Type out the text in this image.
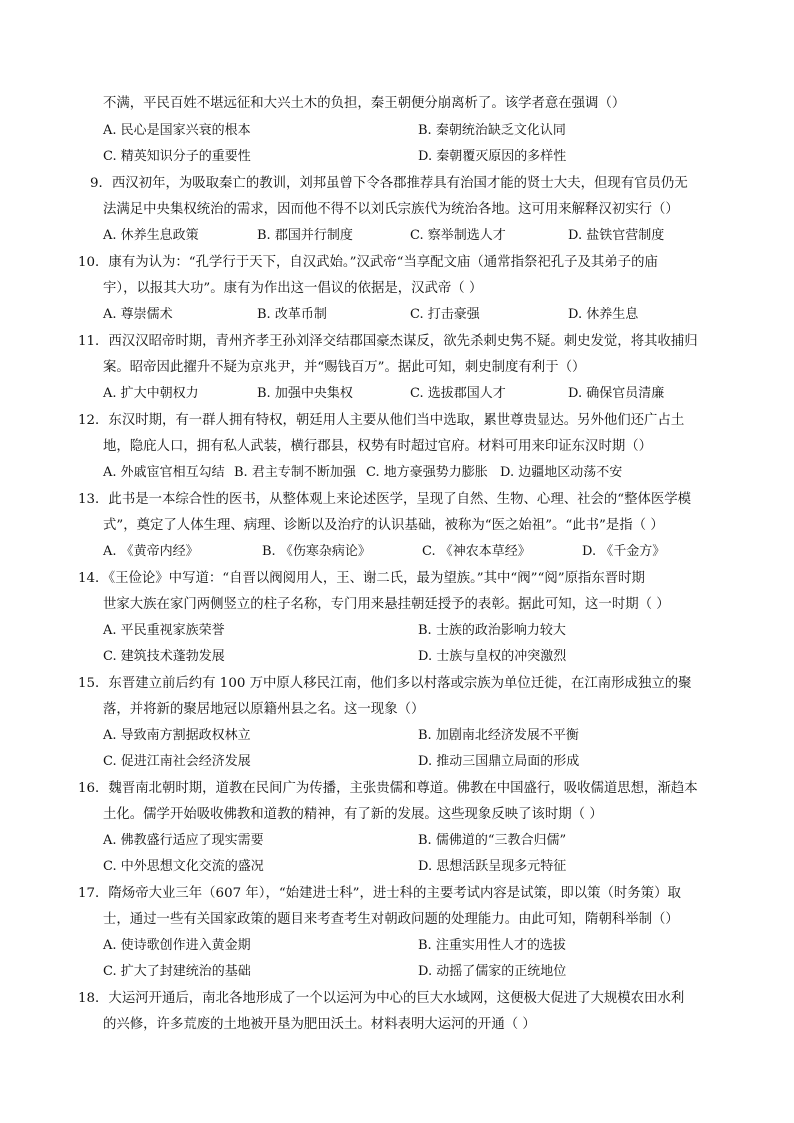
不满，平民百姓不堪远征和大兴土木的负担，秦王朝便分崩离析了。该学者意在强调（）
A. 民心是国家兴衰的根本	B. 秦朝统治缺乏文化认同
C. 精英知识分子的重要性	D. 秦朝覆灭原因的多样性
9．西汉初年，为吸取秦亡的教训，刘邦虽曾下令各郡推荐具有治国才能的贤士大夫，但现有官员仍无
法满足中央集权统治的需求，因而他不得不以刘氏宗族代为统治各地。这可用来解释汉初实行（）
A. 休养生息政策	B. 郡国并行制度	C. 察举制选人才	D. 盐铁官营制度
10．康有为认为：“孔学行于天下，自汉武始。”汉武帝“当享配文庙（通常指祭祀孔子及其弟子的庙
宇），以报其大功”。康有为作出这一倡议的依据是，汉武帝（ ）
A. 尊崇儒术	B. 改革币制	C. 打击豪强	D. 休养生息
11．西汉汉昭帝时期，青州齐孝王孙刘泽交结郡国豪杰谋反，欲先杀刺史隽不疑。刺史发觉，将其收捕归
案。昭帝因此擢升不疑为京兆尹，并“赐钱百万”。据此可知，刺史制度有利于（）
A. 扩大中朝权力	B. 加强中央集权	C. 选拔郡国人才	D. 确保官员清廉
12．东汉时期，有一群人拥有特权，朝廷用人主要从他们当中选取，累世尊贵显达。另外他们还广占土
地，隐庇人口，拥有私人武装，横行郡县，权势有时超过官府。材料可用来印证东汉时期（）
A. 外戚宦官相互勾结 B. 君主专制不断加强 C. 地方豪强势力膨胀 D. 边疆地区动荡不安
13．此书是一本综合性的医书，从整体观上来论述医学，呈现了自然、生物、心理、社会的“整体医学模
式”，奠定了人体生理、病理、诊断以及治疗的认识基础，被称为“医之始祖”。“此书”是指（ ）
A. 《黄帝内经》	B. 《伤寒杂病论》	C. 《神农本草经》	D. 《千金方》
14．《王俭论》中写道：“自晋以阀阅用人，王、谢二氏，最为望族。”其中“阀”“阅”原指东晋时期
世家大族在家门两侧竖立的柱子名称，专门用来悬挂朝廷授予的表彰。据此可知，这一时期（ ）
A. 平民重视家族荣誉	B. 士族的政治影响力较大
C. 建筑技术蓬勃发展	D. 士族与皇权的冲突激烈
15．东晋建立前后约有 100 万中原人移民江南，他们多以村落或宗族为单位迁徙，在江南形成独立的聚
落，并将新的聚居地冠以原籍州县之名。这一现象（）
A. 导致南方割据政权林立	B. 加剧南北经济发展不平衡
C. 促进江南社会经济发展	D. 推动三国鼎立局面的形成
16．魏晋南北朝时期，道教在民间广为传播，主张贵儒和尊道。佛教在中国盛行，吸收儒道思想，渐趋本
土化。儒学开始吸收佛教和道教的精神，有了新的发展。这些现象反映了该时期（ ）
A. 佛教盛行适应了现实需要	B. 儒佛道的“三教合归儒”
C. 中外思想文化交流的盛况	D. 思想活跃呈现多元特征
17．隋炀帝大业三年（607 年），“始建进士科”，进士科的主要考试内容是试策，即以策（时务策）取
士，通过一些有关国家政策的题目来考查考生对朝政问题的处理能力。由此可知，隋朝科举制（）
A. 使诗歌创作进入黄金期	B. 注重实用性人才的选拔
C. 扩大了封建统治的基础	D. 动摇了儒家的正统地位
18．大运河开通后，南北各地形成了一个以运河为中心的巨大水域网，这便极大促进了大规模农田水利
的兴修，许多荒废的土地被开垦为肥田沃土。材料表明大运河的开通（ ）
